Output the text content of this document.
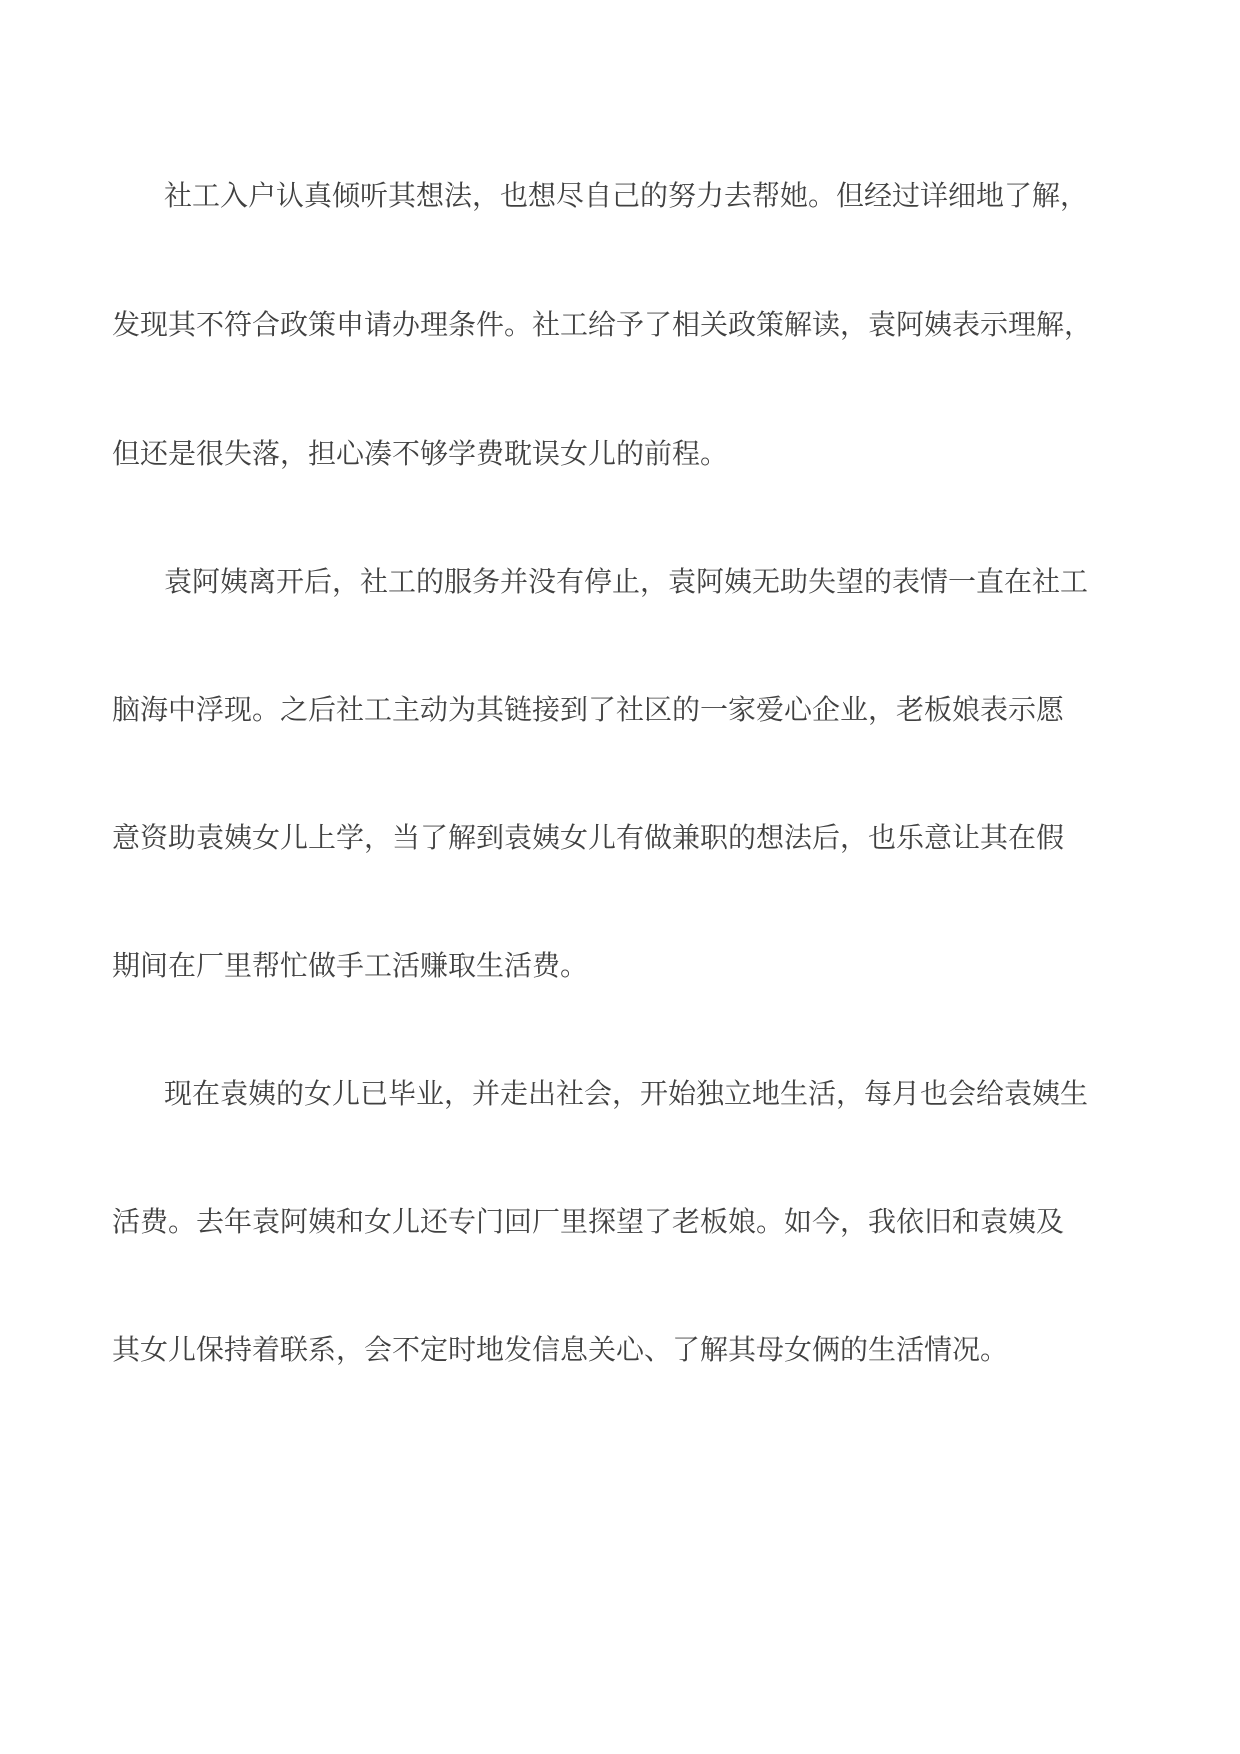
社工入户认真倾听其想法，也想尽自己的努力去帮她。但经过详细地了解，
发现其不符合政策申请办理条件。社工给予了相关政策解读，袁阿姨表示理解，
但还是很失落，担心凑不够学费耽误女儿的前程。
袁阿姨离开后，社工的服务并没有停止，袁阿姨无助失望的表情一直在社工
脑海中浮现。之后社工主动为其链接到了社区的一家爱心企业，老板娘表示愿
意资助袁姨女儿上学，当了解到袁姨女儿有做兼职的想法后，也乐意让其在假
期间在厂里帮忙做手工活赚取生活费。
现在袁姨的女儿已毕业，并走出社会，开始独立地生活，每月也会给袁姨生
活费。去年袁阿姨和女儿还专门回厂里探望了老板娘。如今，我依旧和袁姨及
其女儿保持着联系，会不定时地发信息关心、了解其母女俩的生活情况。
